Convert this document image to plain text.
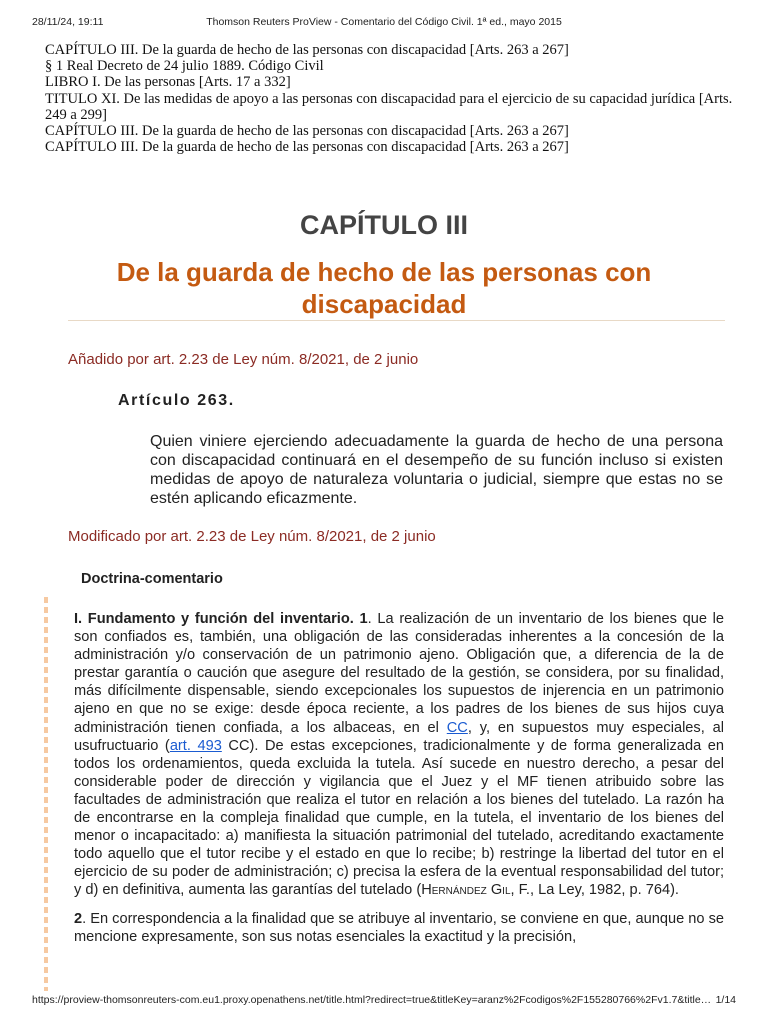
28/11/24, 19:11	Thomson Reuters ProView - Comentario del Código Civil. 1ª ed., mayo 2015
CAPÍTULO III. De la guarda de hecho de las personas con discapacidad [Arts. 263 a 267]
§ 1 Real Decreto de 24 julio 1889. Código Civil
LIBRO I. De las personas [Arts. 17 a 332]
TITULO XI. De las medidas de apoyo a las personas con discapacidad para el ejercicio de su capacidad jurídica [Arts. 249 a 299]
CAPÍTULO III. De la guarda de hecho de las personas con discapacidad [Arts. 263 a 267]
CAPÍTULO III. De la guarda de hecho de las personas con discapacidad [Arts. 263 a 267]
CAPÍTULO III
De la guarda de hecho de las personas con discapacidad
Añadido por art. 2.23 de Ley núm. 8/2021, de 2 junio
Artículo 263.
Quien viniere ejerciendo adecuadamente la guarda de hecho de una persona con discapacidad continuará en el desempeño de su función incluso si existen medidas de apoyo de naturaleza voluntaria o judicial, siempre que estas no se estén aplicando eficazmente.
Modificado por art. 2.23 de Ley núm. 8/2021, de 2 junio
Doctrina-comentario

I. Fundamento y función del inventario. 1. La realización de un inventario de los bienes que le son confiados es, también, una obligación de las consideradas inherentes a la concesión de la administración y/o conservación de un patrimonio ajeno. Obligación que, a diferencia de la de prestar garantía o caución que asegure del resultado de la gestión, se considera, por su finalidad, más difícilmente dispensable, siendo excepcionales los supuestos de injerencia en un patrimonio ajeno en que no se exige: desde época reciente, a los padres de los bienes de sus hijos cuya administración tienen confiada, a los albaceas, en el CC, y, en supuestos muy especiales, al usufructuario (art. 493 CC). De estas excepciones, tradicionalmente y de forma generalizada en todos los ordenamientos, queda excluida la tutela. Así sucede en nuestro derecho, a pesar del considerable poder de dirección y vigilancia que el Juez y el MF tienen atribuido sobre las facultades de administración que realiza el tutor en relación a los bienes del tutelado. La razón ha de encontrarse en la compleja finalidad que cumple, en la tutela, el inventario de los bienes del menor o incapacitado: a) manifiesta la situación patrimonial del tutelado, acreditando exactamente todo aquello que el tutor recibe y el estado en que lo recibe; b) restringe la libertad del tutor en el ejercicio de su poder de administración; c) precisa la esfera de la eventual responsabilidad del tutor; y d) en definitiva, aumenta las garantías del tutelado (Hernández Gil, F., La Ley, 1982, p. 764).

2. En correspondencia a la finalidad que se atribuye al inventario, se conviene en que, aunque no se mencione expresamente, son sus notas esenciales la exactitud y la precisión,

https://proview-thomsonreuters-com.eu1.proxy.openathens.net/title.html?redirect=true&titleKey=aranz%2Fcodigos%2F155280766%2Fv1.7&title… 1/14
